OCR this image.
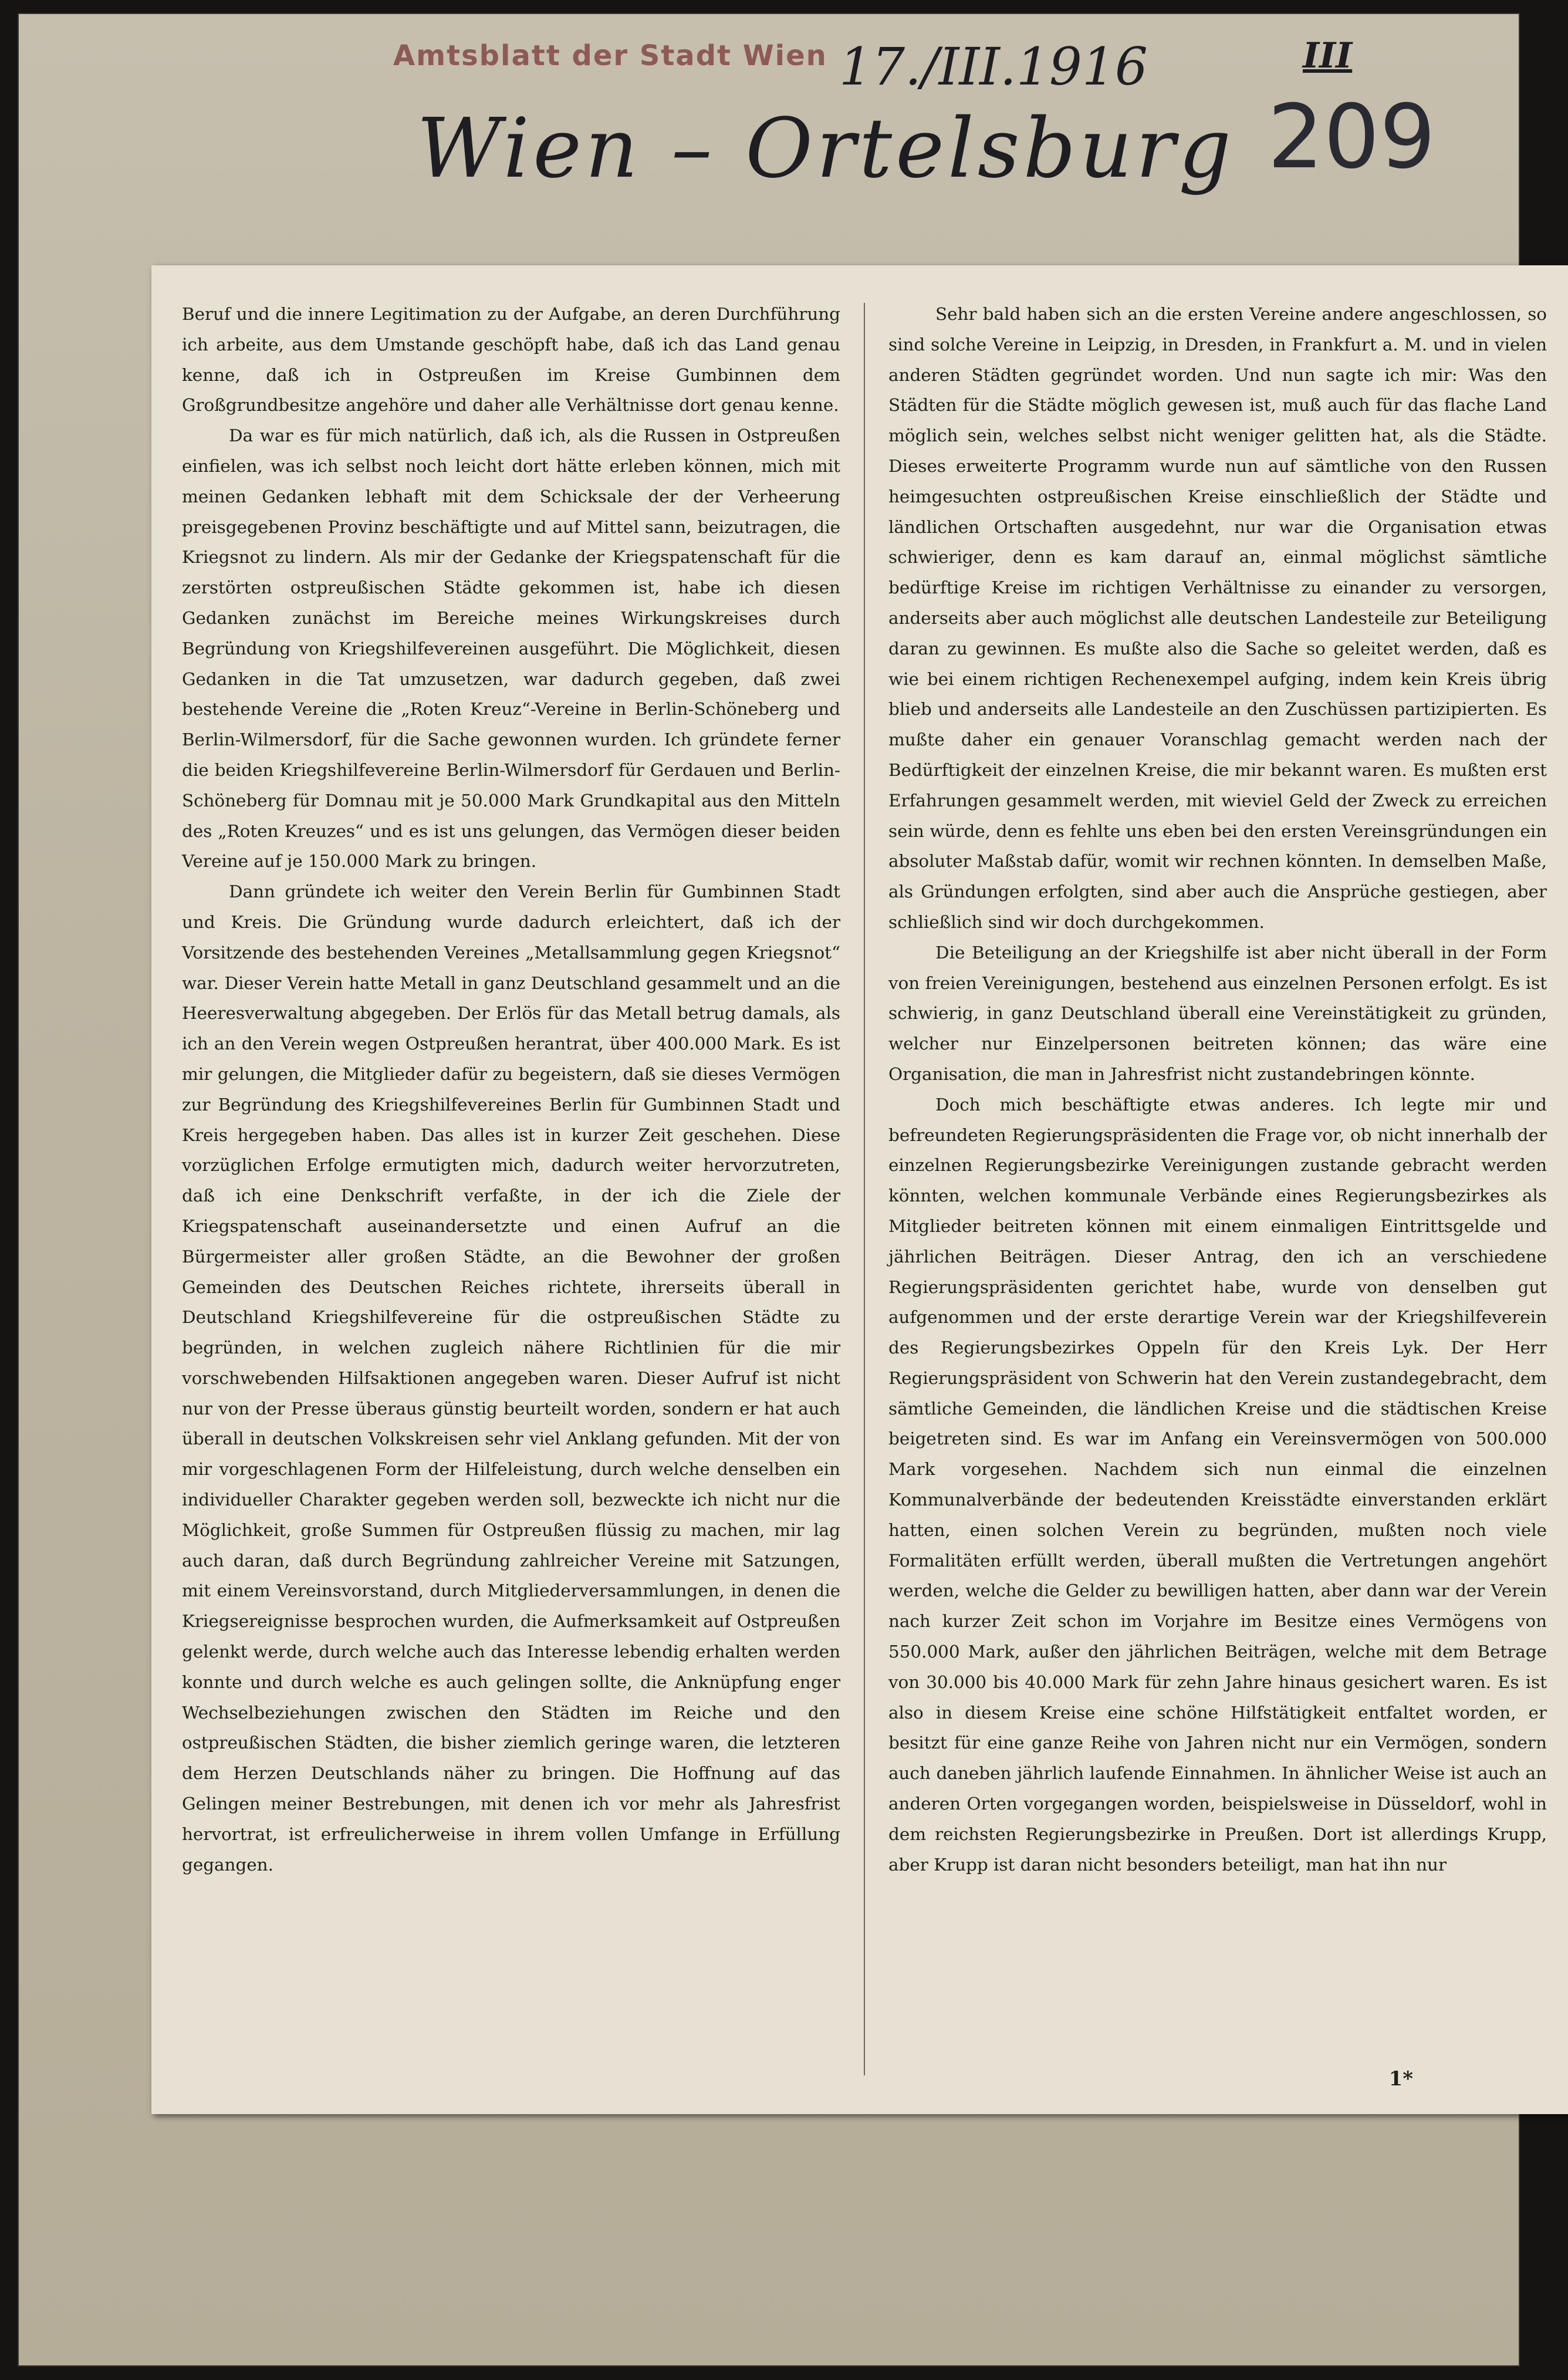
Amtsblatt der Stadt Wien 17./III.1916	III
Wien – Ortelsburg 209

Beruf und die innere Legitimation zu der Aufgabe, an deren Durchführung ich arbeite, aus dem Umstande geschöpft habe, daß ich das Land genau kenne, daß ich in Ostpreußen im Kreise Gumbinnen dem Großgrundbesitze angehöre und daher alle Verhältnisse dort genau kenne.

Da war es für mich natürlich, daß ich, als die Russen in Ostpreußen einfielen, was ich selbst noch leicht dort hätte erleben können, mich mit meinen Gedanken lebhaft mit dem Schicksale der der Verheerung preisgegebenen Provinz beschäftigte und auf Mittel sann, beizutragen, die Kriegsnot zu lindern. Als mir der Gedanke der Kriegspatenschaft für die zerstörten ostpreußischen Städte gekommen ist, habe ich diesen Gedanken zunächst im Bereiche meines Wirkungskreises durch Begründung von Kriegshilfevereinen ausgeführt. Die Möglichkeit, diesen Gedanken in die Tat umzusetzen, war dadurch gegeben, daß zwei bestehende Vereine die „Roten Kreuz“-Vereine in Berlin-Schöneberg und Berlin-Wilmersdorf, für die Sache gewonnen wurden. Ich gründete ferner die beiden Kriegshilfevereine Berlin-Wilmersdorf für Gerdauen und Berlin-Schöneberg für Domnau mit je 50.000 Mark Grundkapital aus den Mitteln des „Roten Kreuzes“ und es ist uns gelungen, das Vermögen dieser beiden Vereine auf je 150.000 Mark zu bringen.

Dann gründete ich weiter den Verein Berlin für Gumbinnen Stadt und Kreis. Die Gründung wurde dadurch erleichtert, daß ich der Vorsitzende des bestehenden Vereines „Metallsammlung gegen Kriegsnot“ war. Dieser Verein hatte Metall in ganz Deutschland gesammelt und an die Heeresverwaltung abgegeben. Der Erlös für das Metall betrug damals, als ich an den Verein wegen Ostpreußen herantrat, über 400.000 Mark. Es ist mir gelungen, die Mitglieder dafür zu begeistern, daß sie dieses Vermögen zur Begründung des Kriegshilfevereines Berlin für Gumbinnen Stadt und Kreis hergegeben haben. Das alles ist in kurzer Zeit geschehen. Diese vorzüglichen Erfolge ermutigten mich, dadurch weiter hervorzutreten, daß ich eine Denkschrift verfaßte, in der ich die Ziele der Kriegspatenschaft auseinandersetzte und einen Aufruf an die Bürgermeister aller großen Städte, an die Bewohner der großen Gemeinden des Deutschen Reiches richtete, ihrerseits überall in Deutschland Kriegshilfevereine für die ostpreußischen Städte zu begründen, in welchen zugleich nähere Richtlinien für die mir vorschwebenden Hilfsaktionen angegeben waren. Dieser Aufruf ist nicht nur von der Presse überaus günstig beurteilt worden, sondern er hat auch überall in deutschen Volkskreisen sehr viel Anklang gefunden. Mit der von mir vorgeschlagenen Form der Hilfeleistung, durch welche denselben ein individueller Charakter gegeben werden soll, bezweckte ich nicht nur die Möglichkeit, große Summen für Ostpreußen flüssig zu machen, mir lag auch daran, daß durch Begründung zahlreicher Vereine mit Satzungen, mit einem Vereinsvorstand, durch Mitgliederversammlungen, in denen die Kriegsereignisse besprochen wurden, die Aufmerksamkeit auf Ostpreußen gelenkt werde, durch welche auch das Interesse lebendig erhalten werden konnte und durch welche es auch gelingen sollte, die Anknüpfung enger Wechselbeziehungen zwischen den Städten im Reiche und den ostpreußischen Städten, die bisher ziemlich geringe waren, die letzteren dem Herzen Deutschlands näher zu bringen. Die Hoffnung auf das Gelingen meiner Bestrebungen, mit denen ich vor mehr als Jahresfrist hervortrat, ist erfreulicherweise in ihrem vollen Umfange in Erfüllung gegangen.

Sehr bald haben sich an die ersten Vereine andere angeschlossen, so sind solche Vereine in Leipzig, in Dresden, in Frankfurt a. M. und in vielen anderen Städten gegründet worden. Und nun sagte ich mir: Was den Städten für die Städte möglich gewesen ist, muß auch für das flache Land möglich sein, welches selbst nicht weniger gelitten hat, als die Städte. Dieses erweiterte Programm wurde nun auf sämtliche von den Russen heimgesuchten ostpreußischen Kreise einschließlich der Städte und ländlichen Ortschaften ausgedehnt, nur war die Organisation etwas schwieriger, denn es kam darauf an, einmal möglichst sämtliche bedürftige Kreise im richtigen Verhältnisse zu einander zu versorgen, anderseits aber auch möglichst alle deutschen Landesteile zur Beteiligung daran zu gewinnen. Es mußte also die Sache so geleitet werden, daß es wie bei einem richtigen Rechenexempel aufging, indem kein Kreis übrig blieb und anderseits alle Landesteile an den Zuschüssen partizipierten. Es mußte daher ein genauer Voranschlag gemacht werden nach der Bedürftigkeit der einzelnen Kreise, die mir bekannt waren. Es mußten erst Erfahrungen gesammelt werden, mit wieviel Geld der Zweck zu erreichen sein würde, denn es fehlte uns eben bei den ersten Vereinsgründungen ein absoluter Maßstab dafür, womit wir rechnen könnten. In demselben Maße, als Gründungen erfolgten, sind aber auch die Ansprüche gestiegen, aber schließlich sind wir doch durchgekommen.

Die Beteiligung an der Kriegshilfe ist aber nicht überall in der Form von freien Vereinigungen, bestehend aus einzelnen Personen erfolgt. Es ist schwierig, in ganz Deutschland überall eine Vereinstätigkeit zu gründen, welcher nur Einzelpersonen beitreten können; das wäre eine Organisation, die man in Jahresfrist nicht zustandebringen könnte.

Doch mich beschäftigte etwas anderes. Ich legte mir und befreundeten Regierungspräsidenten die Frage vor, ob nicht innerhalb der einzelnen Regierungsbezirke Vereinigungen zustande gebracht werden könnten, welchen kommunale Verbände eines Regierungsbezirkes als Mitglieder beitreten können mit einem einmaligen Eintrittsgelde und jährlichen Beiträgen. Dieser Antrag, den ich an verschiedene Regierungspräsidenten gerichtet habe, wurde von denselben gut aufgenommen und der erste derartige Verein war der Kriegshilfeverein des Regierungsbezirkes Oppeln für den Kreis Lyk. Der Herr Regierungspräsident von Schwerin hat den Verein zustandegebracht, dem sämtliche Gemeinden, die ländlichen Kreise und die städtischen Kreise beigetreten sind. Es war im Anfang ein Vereinsvermögen von 500.000 Mark vorgesehen. Nachdem sich nun einmal die einzelnen Kommunalverbände der bedeutenden Kreisstädte einverstanden erklärt hatten, einen solchen Verein zu begründen, mußten noch viele Formalitäten erfüllt werden, überall mußten die Vertretungen angehört werden, welche die Gelder zu bewilligen hatten, aber dann war der Verein nach kurzer Zeit schon im Vorjahre im Besitze eines Vermögens von 550.000 Mark, außer den jährlichen Beiträgen, welche mit dem Betrage von 30.000 bis 40.000 Mark für zehn Jahre hinaus gesichert waren. Es ist also in diesem Kreise eine schöne Hilfstätigkeit entfaltet worden, er besitzt für eine ganze Reihe von Jahren nicht nur ein Vermögen, sondern auch daneben jährlich laufende Einnahmen. In ähnlicher Weise ist auch an anderen Orten vorgegangen worden, beispielsweise in Düsseldorf, wohl in dem reichsten Regierungsbezirke in Preußen. Dort ist allerdings Krupp, aber Krupp ist daran nicht besonders beteiligt, man hat ihn nur

1*
